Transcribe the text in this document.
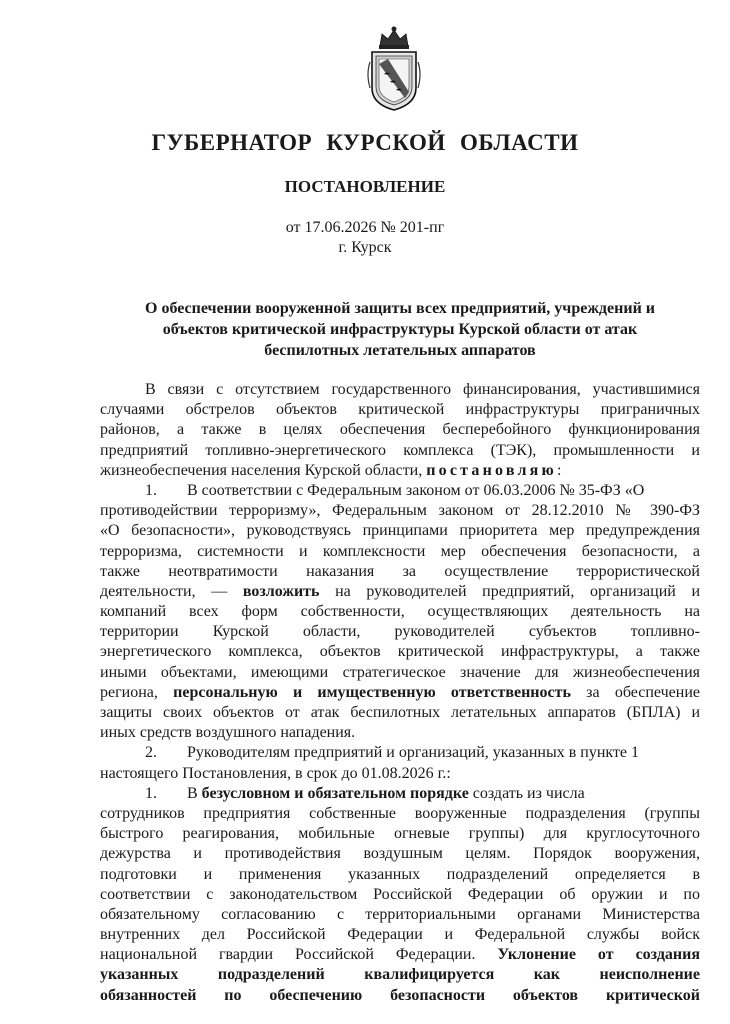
ГУБЕРНАТОР КУРСКОЙ ОБЛАСТИ
ПОСТАНОВЛЕНИЕ
от 17.06.2026 № 201-пг
г. Курск
О обеспечении вооруженной защиты всех предприятий, учреждений и
объектов критической инфраструктуры Курской области от атак
беспилотных летательных аппаратов
В связи с отсутствием государственного финансирования, участившимися
случаями обстрелов объектов критической инфраструктуры приграничных
районов, а также в целях обеспечения бесперебойного функционирования
предприятий топливно-энергетического комплекса (ТЭК), промышленности и
жизнеобеспечения населения Курской области, постановляю:
1. В соответствии с Федеральным законом от 06.03.2006 № 35-ФЗ «О
противодействии терроризму», Федеральным законом от 28.12.2010 № 390-ФЗ
«О безопасности», руководствуясь принципами приоритета мер предупреждения
терроризма, системности и комплексности мер обеспечения безопасности, а
также неотвратимости наказания за осуществление террористической
деятельности, — возложить на руководителей предприятий, организаций и
компаний всех форм собственности, осуществляющих деятельность на
территории Курской области, руководителей субъектов топливно-
энергетического комплекса, объектов критической инфраструктуры, а также
иными объектами, имеющими стратегическое значение для жизнеобеспечения
региона, персональную и имущественную ответственность за обеспечение
защиты своих объектов от атак беспилотных летательных аппаратов (БПЛА) и
иных средств воздушного нападения.
2. Руководителям предприятий и организаций, указанных в пункте 1
настоящего Постановления, в срок до 01.08.2026 г.:
1. В безусловном и обязательном порядке создать из числа
сотрудников предприятия собственные вооруженные подразделения (группы
быстрого реагирования, мобильные огневые группы) для круглосуточного
дежурства и противодействия воздушным целям. Порядок вооружения,
подготовки и применения указанных подразделений определяется в
соответствии с законодательством Российской Федерации об оружии и по
обязательному согласованию с территориальными органами Министерства
внутренних дел Российской Федерации и Федеральной службы войск
национальной гвардии Российской Федерации. Уклонение от создания
указанных подразделений квалифицируется как неисполнение
обязанностей по обеспечению безопасности объектов критической
